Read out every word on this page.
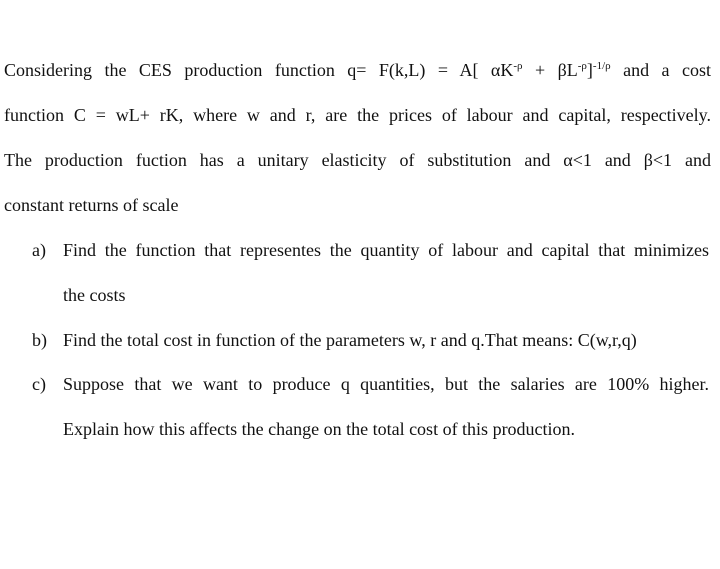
Considering the CES production function q= F(k,L) = A[ $\alpha K^{-\rho} + \beta L^{-\rho}]^{-1/\rho}$ and a cost
function C = wL+ rK, where w and r, are the prices of labour and capital, respectively.
The production fuction has a unitary elasticity of substitution and α<1 and β<1 and
constant returns of scale
a) Find the function that representes the quantity of labour and capital that minimizes
the costs
b) Find the total cost in function of the parameters w, r and q.That means: C(w,r,q)
c) Suppose that we want to produce q quantities, but the salaries are 100% higher.
Explain how this affects the change on the total cost of this production.
